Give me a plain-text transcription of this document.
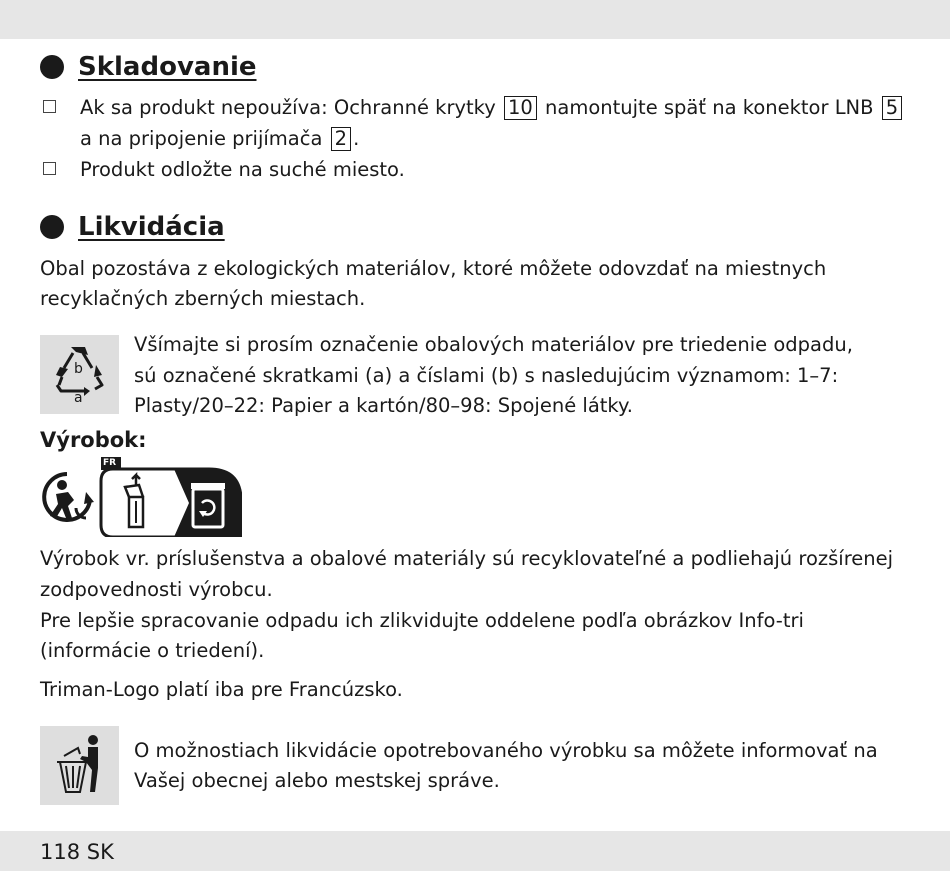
Skladovanie
Ak sa produkt nepoužíva: Ochranné krytky 10 namontujte späť na konektor LNB 5
a na pripojenie prijímača 2 .
Produkt odložte na suché miesto.
Likvidácia
Obal pozostáva z ekologických materiálov, ktoré môžete odovzdať na miestnych
recyklačných zberných miestach.
b
a
Všímajte si prosím označenie obalových materiálov pre triedenie odpadu,
sú označené skratkami (a) a číslami (b) s nasledujúcim významom: 1–7:
Plasty/20–22: Papier a kartón/80–98: Spojené látky.
Výrobok:
FR
Výrobok vr. príslušenstva a obalové materiály sú recyklovateľné a podliehajú rozšírenej
zodpovednosti výrobcu.
Pre lepšie spracovanie odpadu ich zlikvidujte oddelene podľa obrázkov Info-tri
(informácie o triedení).
Triman-Logo platí iba pre Francúzsko.
O možnostiach likvidácie opotrebovaného výrobku sa môžete informovať na
Vašej obecnej alebo mestskej správe.
118 SK
